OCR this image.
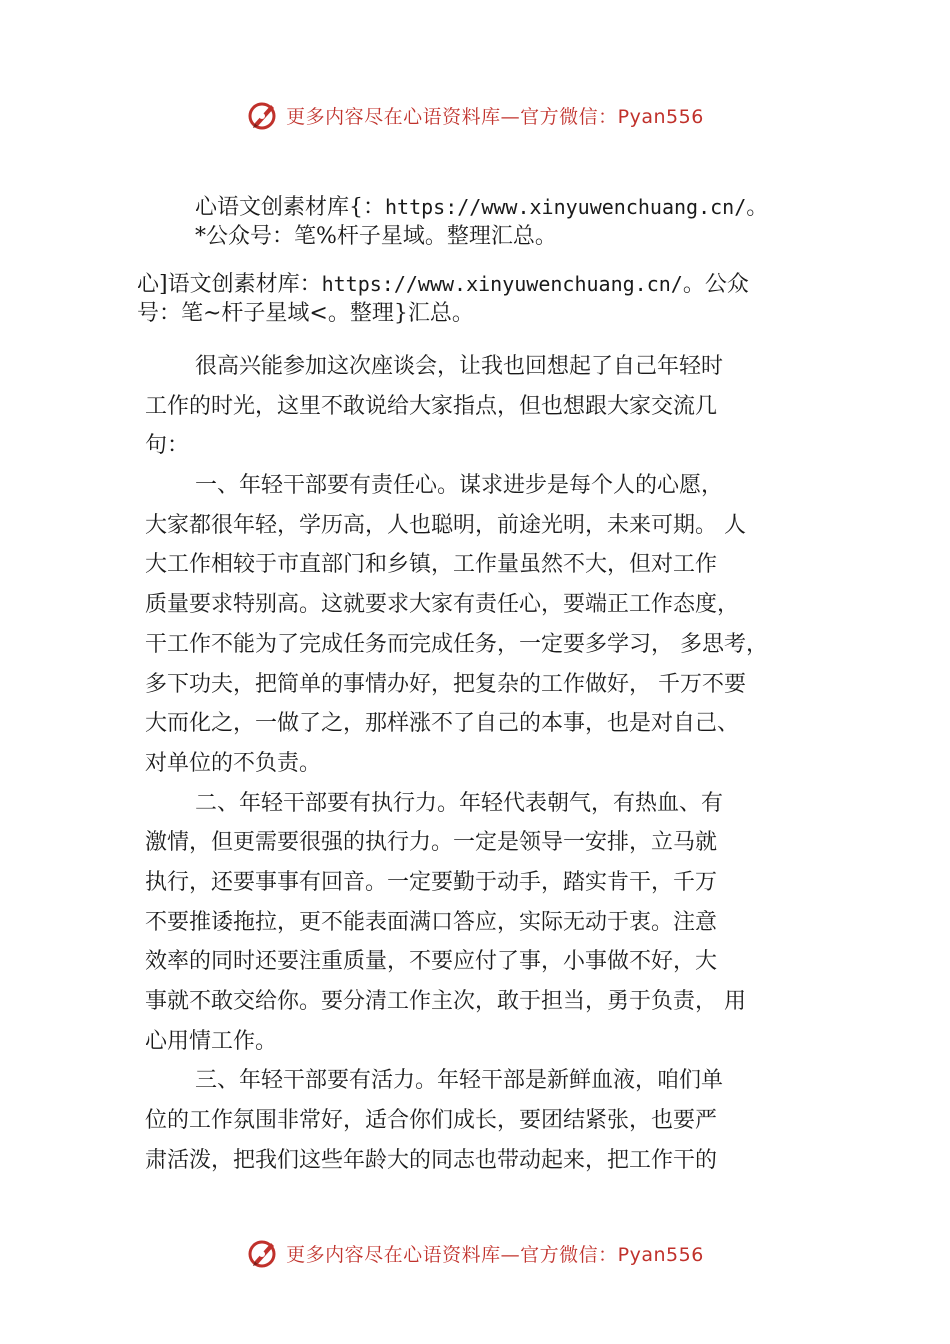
更多内容尽在心语资料库—官方微信：Pyan556
心语文创素材库{：https://www.xinyuwenchuang.cn/。
*公众号：笔%杆子星域。整理汇总。
心]语文创素材库：https://www.xinyuwenchuang.cn/。公众
号：笔~杆子星域<。整理}汇总。
很高兴能参加这次座谈会，让我也回想起了自己年轻时
工作的时光，这里不敢说给大家指点，但也想跟大家交流几
句：
一、年轻干部要有责任心。谋求进步是每个人的心愿，
大家都很年轻，学历高，人也聪明，前途光明，未来可期。 人
大工作相较于市直部门和乡镇，工作量虽然不大，但对工作
质量要求特别高。这就要求大家有责任心，要端正工作态度，
干工作不能为了完成任务而完成任务，一定要多学习， 多思考，
多下功夫，把简单的事情办好，把复杂的工作做好， 千万不要
大而化之，一做了之，那样涨不了自己的本事，也是对自己、
对单位的不负责。
二、年轻干部要有执行力。年轻代表朝气，有热血、有
激情，但更需要很强的执行力。一定是领导一安排，立马就
执行，还要事事有回音。一定要勤于动手，踏实肯干，千万
不要推诿拖拉，更不能表面满口答应，实际无动于衷。注意
效率的同时还要注重质量，不要应付了事，小事做不好，大
事就不敢交给你。要分清工作主次，敢于担当，勇于负责， 用
心用情工作。
三、年轻干部要有活力。年轻干部是新鲜血液，咱们单
位的工作氛围非常好，适合你们成长，要团结紧张，也要严
肃活泼，把我们这些年龄大的同志也带动起来，把工作干的
更多内容尽在心语资料库—官方微信：Pyan556
